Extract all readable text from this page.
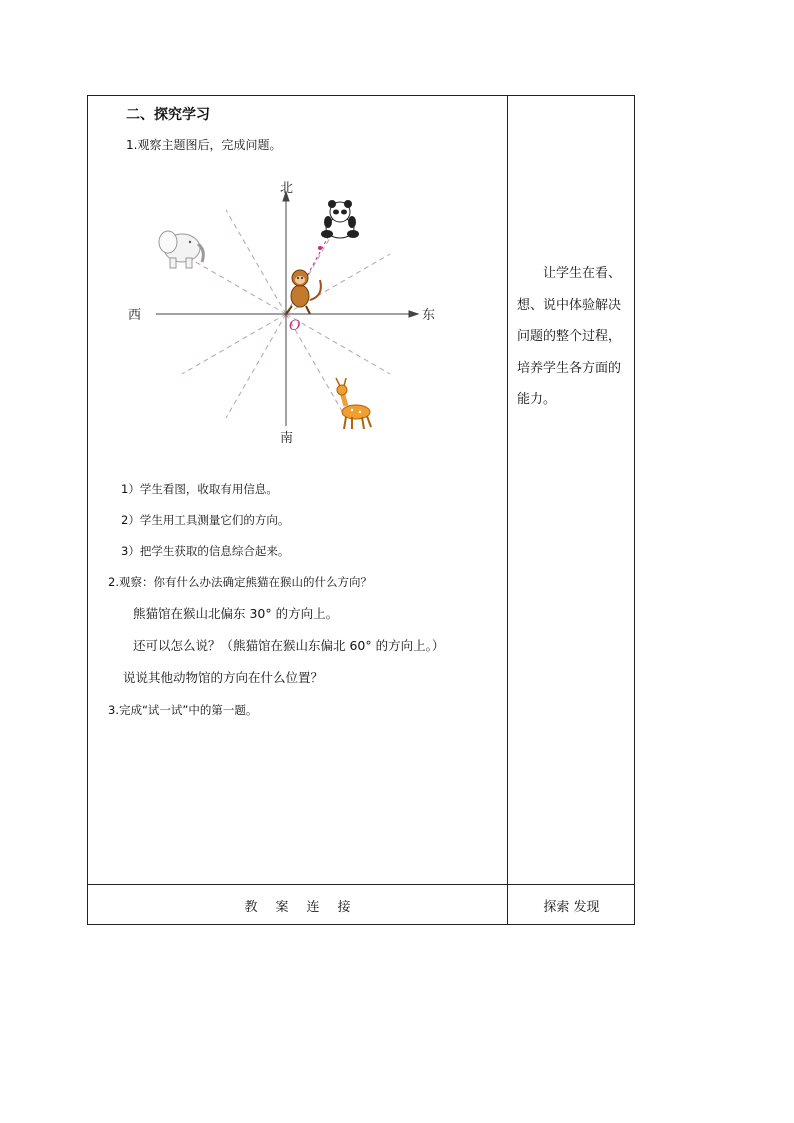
二、探究学习
1.观察主题图后，完成问题。
北
南
西	东
O
1）学生看图，收取有用信息。
2）学生用工具测量它们的方向。
3）把学生获取的信息综合起来。
2.观察：你有什么办法确定熊猫在猴山的什么方向？
熊猫馆在猴山北偏东 30° 的方向上。
还可以怎么说？（熊猫馆在猴山东偏北 60° 的方向上。）
说说其他动物馆的方向在什么位置？
3.完成“试一试”中的第一题。
让学生在看、想、说中体验解决问题的整个过程，培养学生各方面的能力。
教案连接	探索 发现
